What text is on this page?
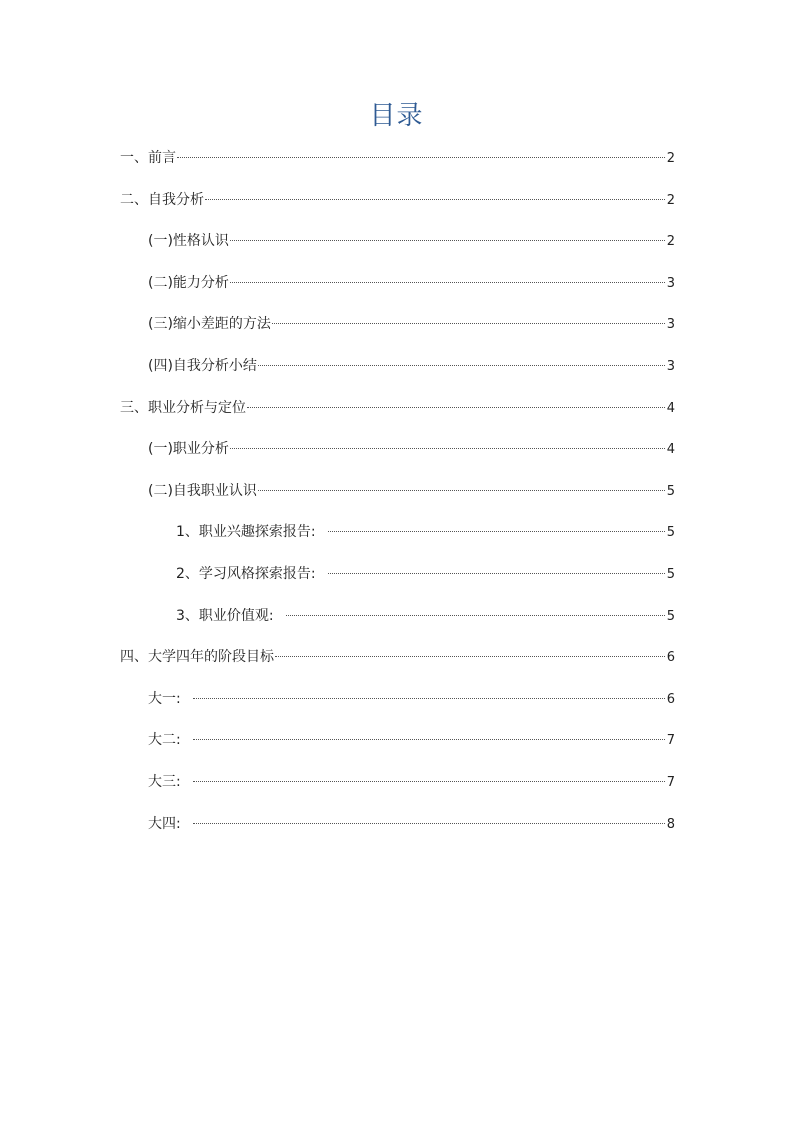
目录
一、前言	2
二、自我分析	2
(一)性格认识	2
(二)能力分析	3
(三)缩小差距的方法	3
(四)自我分析小结	3
三、职业分析与定位	4
(一)职业分析	4
(二)自我职业认识	5
1、职业兴趣探索报告:	5
2、学习风格探索报告:	5
3、职业价值观:	5
四、大学四年的阶段目标	6
大一:	6
大二:	7
大三:	7
大四:	8
